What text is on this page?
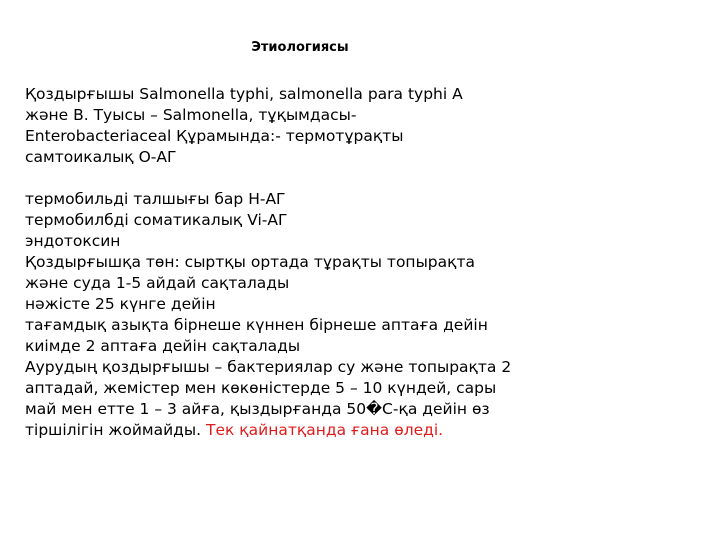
Этиологиясы
Қоздырғышы Salmonella typhi, salmonella para typhi A
және B. Туысы – Salmonella, тұқымдасы-
Enterobacteriaceal Құрамында:- термотұрақты
самтоикалық О-АГ
термобильді талшығы бар Н-АГ
термобилбді соматикалық Vi-АГ
эндотоксин
Қоздырғышқа төн: сыртқы ортада тұрақты топырақта
және суда 1-5 айдай сақталады
нәжісте 25 күнге дейін
тағамдық азықта бірнеше күннен бірнеше аптаға дейін
киімде 2 аптаға дейін сақталады
Аурудың қоздырғышы – бактериялар су және топырақта 2
аптадай, жемістер мен көкөністерде 5 – 10 күндей, сары
май мен етте 1 – 3 айға, қыздырғанда 50�С-қа дейін өз
тіршілігін жоймайды. Тек қайнатқанда ғана өледі.
